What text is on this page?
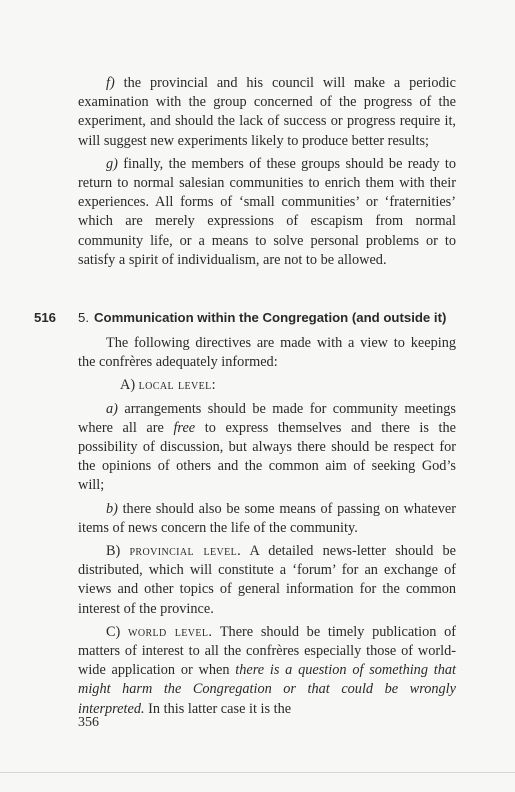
f) the provincial and his council will make a periodic examination with the group concerned of the progress of the experiment, and should the lack of success or progress require it, will suggest new experiments likely to produce better results;

g) finally, the members of these groups should be ready to return to normal salesian communities to enrich them with their experiences. All forms of ‘small communities’ or ‘fraternities’ which are merely expressions of escapism from normal community life, or a means to solve personal problems or to satisfy a spirit of individualism, are not to be allowed.

516 5. Communication within the Congregation (and outside it)

The following directives are made with a view to keeping the confrères adequately informed:

A) local level:

a) arrangements should be made for community meetings where all are free to express themselves and there is the possibility of discussion, but always there should be respect for the opinions of others and the common aim of seeking God’s will;

b) there should also be some means of passing on whatever items of news concern the life of the community.

B) provincial level. A detailed news-letter should be distributed, which will constitute a ‘forum’ for an exchange of views and other topics of general information for the common interest of the province.

C) world level. There should be timely publication of matters of interest to all the confrères especially those of world-wide application or when there is a question of something that might harm the Congregation or that could be wrongly interpreted. In this latter case it is the

356
